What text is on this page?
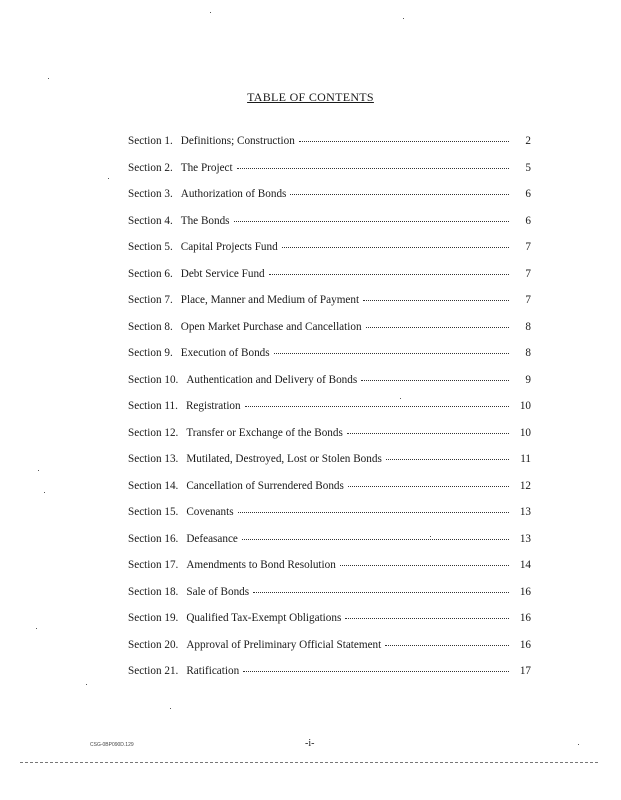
TABLE OF CONTENTS
Section 1. Definitions; Construction	2
Section 2. The Project	5
Section 3. Authorization of Bonds	6
Section 4. The Bonds	6
Section 5. Capital Projects Fund	7
Section 6. Debt Service Fund	7
Section 7. Place, Manner and Medium of Payment	7
Section 8. Open Market Purchase and Cancellation	8
Section 9. Execution of Bonds	8
Section 10. Authentication and Delivery of Bonds	9
Section 11. Registration	10
Section 12. Transfer or Exchange of the Bonds	10
Section 13. Mutilated, Destroyed, Lost or Stolen Bonds	11
Section 14. Cancellation of Surrendered Bonds	12
Section 15. Covenants	13
Section 16. Defeasance	13
Section 17. Amendments to Bond Resolution	14
Section 18. Sale of Bonds	16
Section 19. Qualified Tax-Exempt Obligations	16
Section 20. Approval of Preliminary Official Statement	16
Section 21. Ratification	17
CSG-0BP090D.129	-i-
